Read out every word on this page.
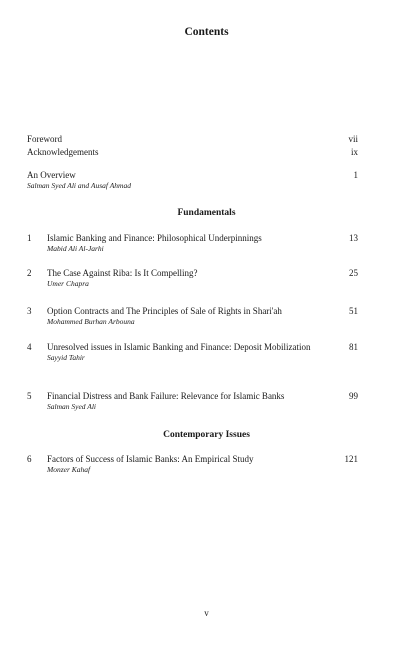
Contents
Foreword	vii
Acknowledgements	ix
An Overview	1
Salman Syed Ali and Ausaf Ahmad
Fundamentals
1	Islamic Banking and Finance: Philosophical Underpinnings	13
Mabid Ali Al-Jarhi
2	The Case Against Riba: Is It Compelling?	25
Umer Chapra
3	Option Contracts and The Principles of Sale of Rights in Shari'ah	51
Mohammed Burhan Arbouna
4	Unresolved issues in Islamic Banking and Finance: Deposit Mobilization	81
Sayyid Tahir
5	Financial Distress and Bank Failure: Relevance for Islamic Banks	99
Salman Syed Ali
Contemporary Issues
6	Factors of Success of Islamic Banks: An Empirical Study	121
Monzer Kahaf
v
